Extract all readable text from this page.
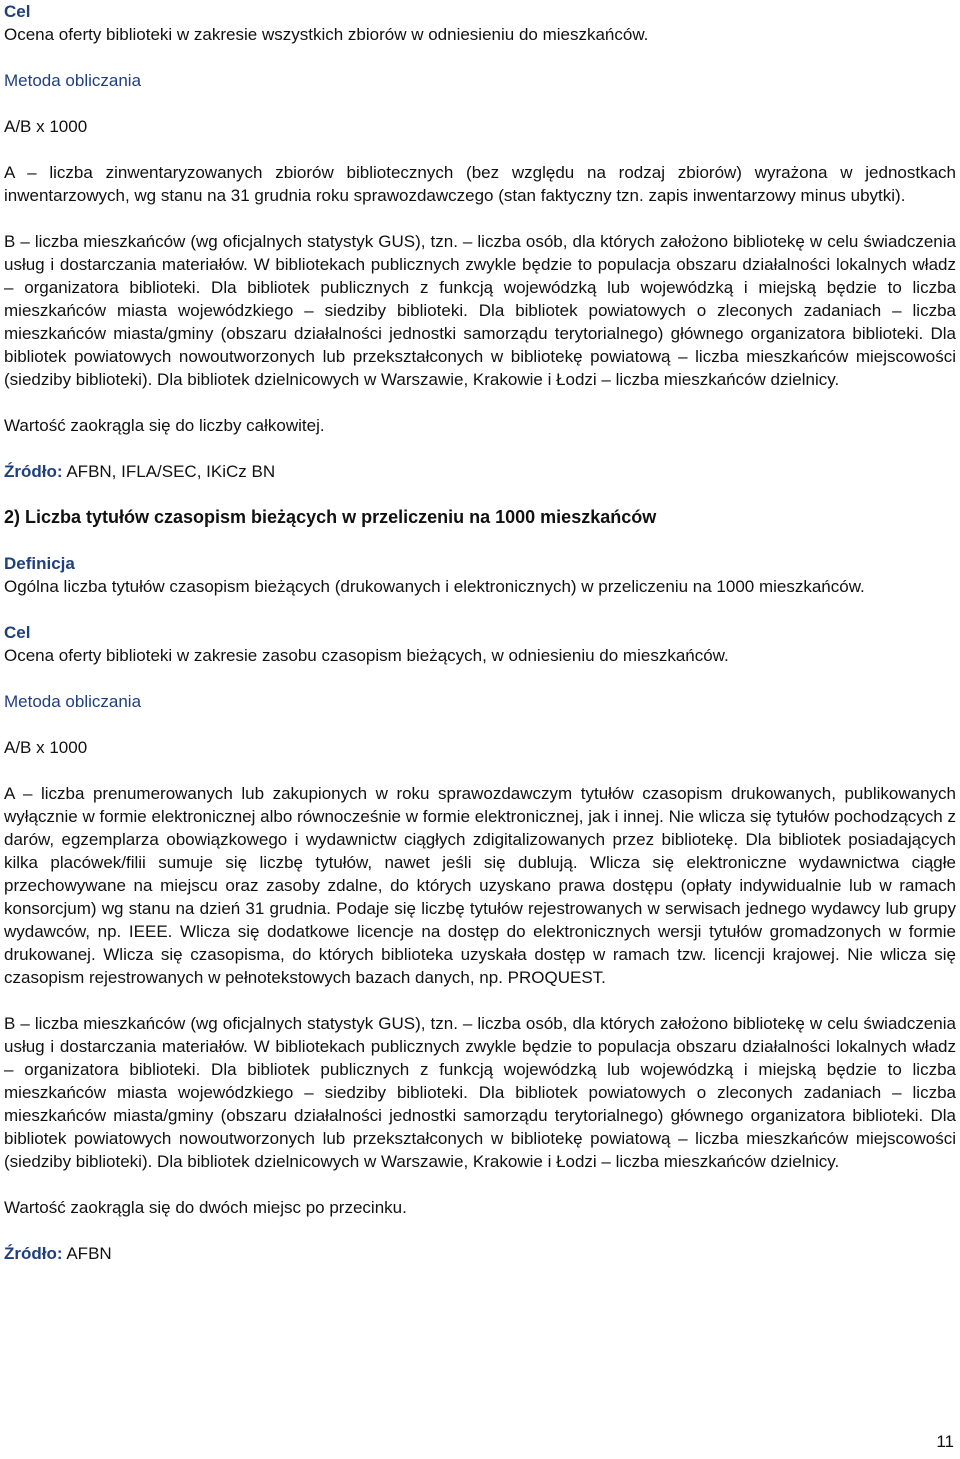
Cel

Ocena oferty biblioteki w zakresie wszystkich zbiorów w odniesieniu do mieszkańców.

Metoda obliczania

A/B x 1000

A – liczba zinwentaryzowanych zbiorów bibliotecznych (bez względu na rodzaj zbiorów) wyrażona w jednostkach inwentarzowych, wg stanu na 31 grudnia roku sprawozdawczego (stan faktyczny tzn. zapis inwentarzowy minus ubytki).

B – liczba mieszkańców (wg oficjalnych statystyk GUS), tzn. – liczba osób, dla których założono bibliotekę w celu świadczenia usług i dostarczania materiałów. W bibliotekach publicznych zwykle będzie to populacja obszaru działalności lokalnych władz – organizatora biblioteki. Dla bibliotek publicznych z funkcją wojewódzką lub wojewódzką i miejską będzie to liczba mieszkańców miasta wojewódzkiego – siedziby biblioteki. Dla bibliotek powiatowych o zleconych zadaniach – liczba mieszkańców miasta/gminy (obszaru działalności jednostki samorządu terytorialnego) głównego organizatora biblioteki. Dla bibliotek powiatowych nowoutworzonych lub przekształconych w bibliotekę powiatową – liczba mieszkańców miejscowości (siedziby biblioteki). Dla bibliotek dzielnicowych w Warszawie, Krakowie i Łodzi – liczba mieszkańców dzielnicy.

Wartość zaokrągla się do liczby całkowitej.

Źródło: AFBN, IFLA/SEC, IKiCz BN

2) Liczba tytułów czasopism bieżących w przeliczeniu na 1000 mieszkańców
Definicja

Ogólna liczba tytułów czasopism bieżących (drukowanych i elektronicznych) w przeliczeniu na 1000 mieszkańców.

Cel

Ocena oferty biblioteki w zakresie zasobu czasopism bieżących, w odniesieniu do mieszkańców.

Metoda obliczania

A/B x 1000

A – liczba prenumerowanych lub zakupionych w roku sprawozdawczym tytułów czasopism drukowanych, publikowanych wyłącznie w formie elektronicznej albo równocześnie w formie elektronicznej, jak i innej. Nie wlicza się tytułów pochodzących z darów, egzemplarza obowiązkowego i wydawnictw ciągłych zdigitalizowanych przez bibliotekę. Dla bibliotek posiadających kilka placówek/filii sumuje się liczbę tytułów, nawet jeśli się dublują. Wlicza się elektroniczne wydawnictwa ciągłe przechowywane na miejscu oraz zasoby zdalne, do których uzyskano prawa dostępu (opłaty indywidualnie lub w ramach konsorcjum) wg stanu na dzień 31 grudnia. Podaje się liczbę tytułów rejestrowanych w serwisach jednego wydawcy lub grupy wydawców, np. IEEE. Wlicza się dodatkowe licencje na dostęp do elektronicznych wersji tytułów gromadzonych w formie drukowanej. Wlicza się czasopisma, do których biblioteka uzyskała dostęp w ramach tzw. licencji krajowej. Nie wlicza się czasopism rejestrowanych w pełnotekstowych bazach danych, np. PROQUEST.

B – liczba mieszkańców (wg oficjalnych statystyk GUS), tzn. – liczba osób, dla których założono bibliotekę w celu świadczenia usług i dostarczania materiałów. W bibliotekach publicznych zwykle będzie to populacja obszaru działalności lokalnych władz – organizatora biblioteki. Dla bibliotek publicznych z funkcją wojewódzką lub wojewódzką i miejską będzie to liczba mieszkańców miasta wojewódzkiego – siedziby biblioteki. Dla bibliotek powiatowych o zleconych zadaniach – liczba mieszkańców miasta/gminy (obszaru działalności jednostki samorządu terytorialnego) głównego organizatora biblioteki. Dla bibliotek powiatowych nowoutworzonych lub przekształconych w bibliotekę powiatową – liczba mieszkańców miejscowości (siedziby biblioteki). Dla bibliotek dzielnicowych w Warszawie, Krakowie i Łodzi – liczba mieszkańców dzielnicy.

Wartość zaokrągla się do dwóch miejsc po przecinku.

Źródło: AFBN

11
